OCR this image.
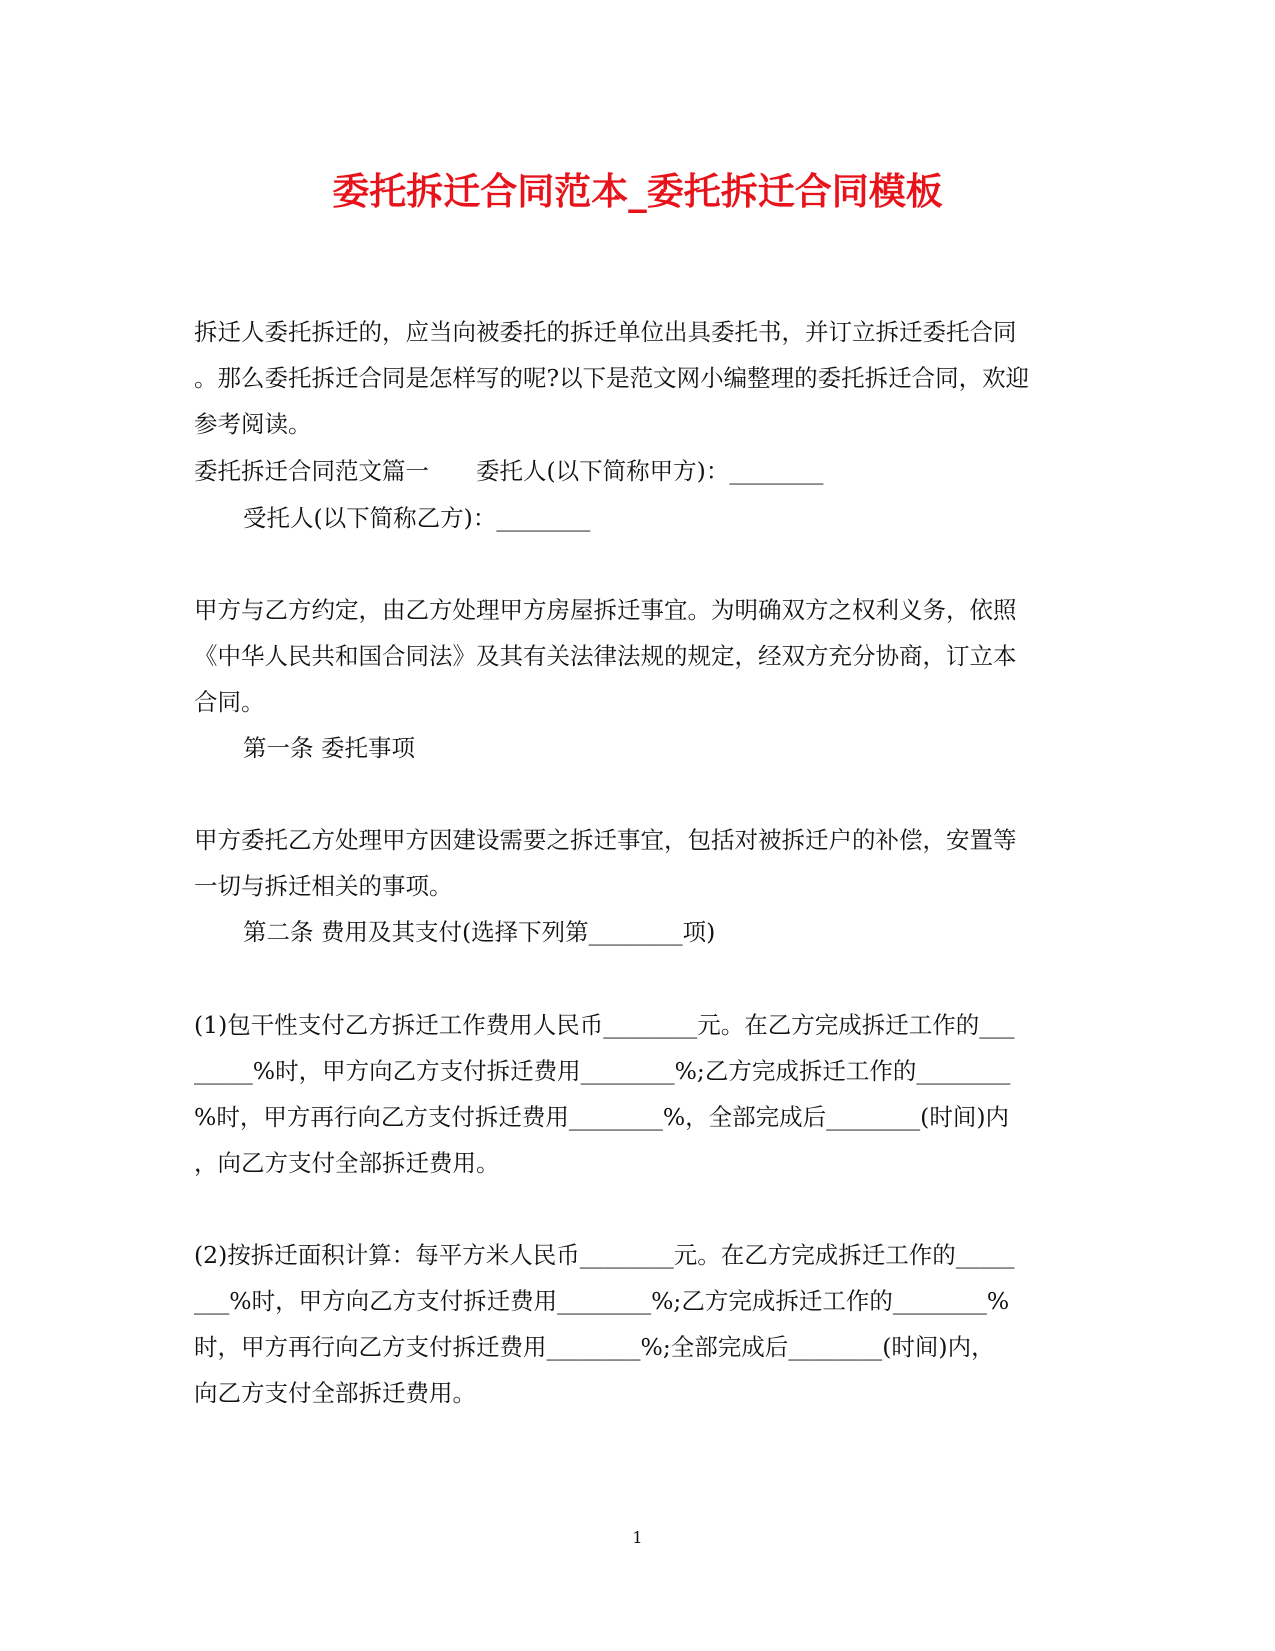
委托拆迁合同范本_委托拆迁合同模板
拆迁人委托拆迁的，应当向被委托的拆迁单位出具委托书，并订立拆迁委托合同
。那么委托拆迁合同是怎样写的呢?以下是范文网小编整理的委托拆迁合同，欢迎
参考阅读。
委托拆迁合同范文篇一　　委托人(以下简称甲方)：________
受托人(以下简称乙方)：________
甲方与乙方约定，由乙方处理甲方房屋拆迁事宜。为明确双方之权利义务，依照
《中华人民共和国合同法》及其有关法律法规的规定，经双方充分协商，订立本
合同。
第一条 委托事项
甲方委托乙方处理甲方因建设需要之拆迁事宜，包括对被拆迁户的补偿，安置等
一切与拆迁相关的事项。
第二条 费用及其支付(选择下列第________项)
(1)包干性支付乙方拆迁工作费用人民币________元。在乙方完成拆迁工作的___
_____%时，甲方向乙方支付拆迁费用________%;乙方完成拆迁工作的________
%时，甲方再行向乙方支付拆迁费用________%，全部完成后________(时间)内
，向乙方支付全部拆迁费用。
(2)按拆迁面积计算：每平方米人民币________元。在乙方完成拆迁工作的_____
___%时，甲方向乙方支付拆迁费用________%;乙方完成拆迁工作的________%
时，甲方再行向乙方支付拆迁费用________%;全部完成后________(时间)内，
向乙方支付全部拆迁费用。
1
